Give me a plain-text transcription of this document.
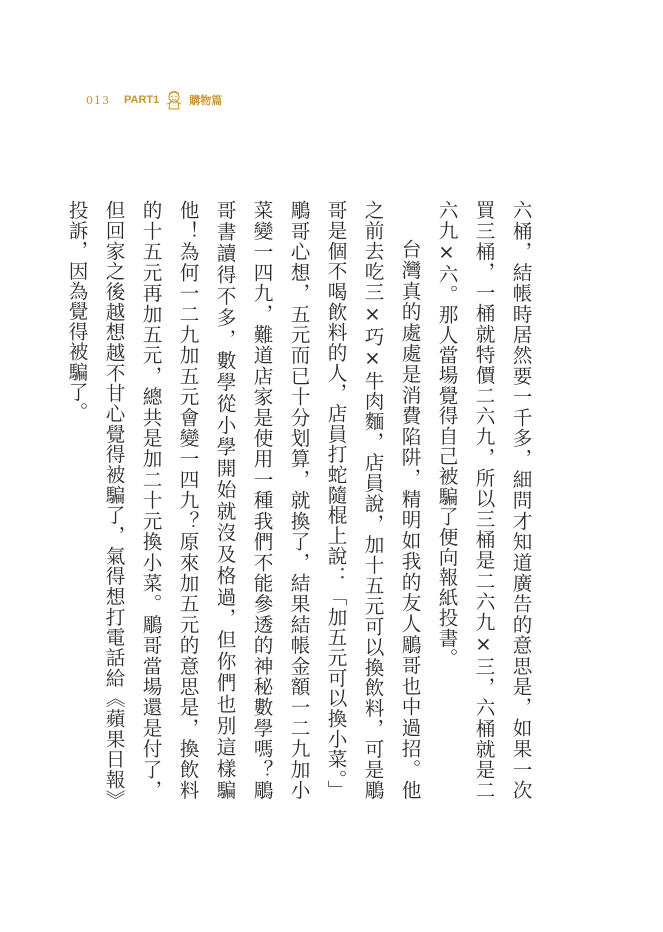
013 PART1	購物篇

六桶，結帳時居然要一千多，細問才知道廣告的意思是，如果一次買三桶，一桶就特價二六九，所以三桶是二六九×三，六桶就是二六九×六。那人當場覺得自己被騙了便向報紙投書。

台灣真的處處是消費陷阱，精明如我的友人鵰哥也中過招。他之前去吃三×巧×牛肉麵，店員說，加十五元可以換飲料，可是鵰哥是個不喝飲料的人，店員打蛇隨棍上說：「加五元可以換小菜。」鵰哥心想，五元而已十分划算，就換了，結果結帳金額一二九加小菜變一四九，難道店家是使用一種我們不能參透的神秘數學嗎？鵰哥書讀得不多，數學從小學開始就沒及格過，但你們也別這樣騙他！為何一二九加五元會變一四九？原來加五元的意思是，換飲料的十五元再加五元，總共是加二十元換小菜。鵰哥當場還是付了，但回家之後越想越不甘心覺得被騙了，氣得想打電話給《蘋果日報》投訴，因為覺得被騙了。
